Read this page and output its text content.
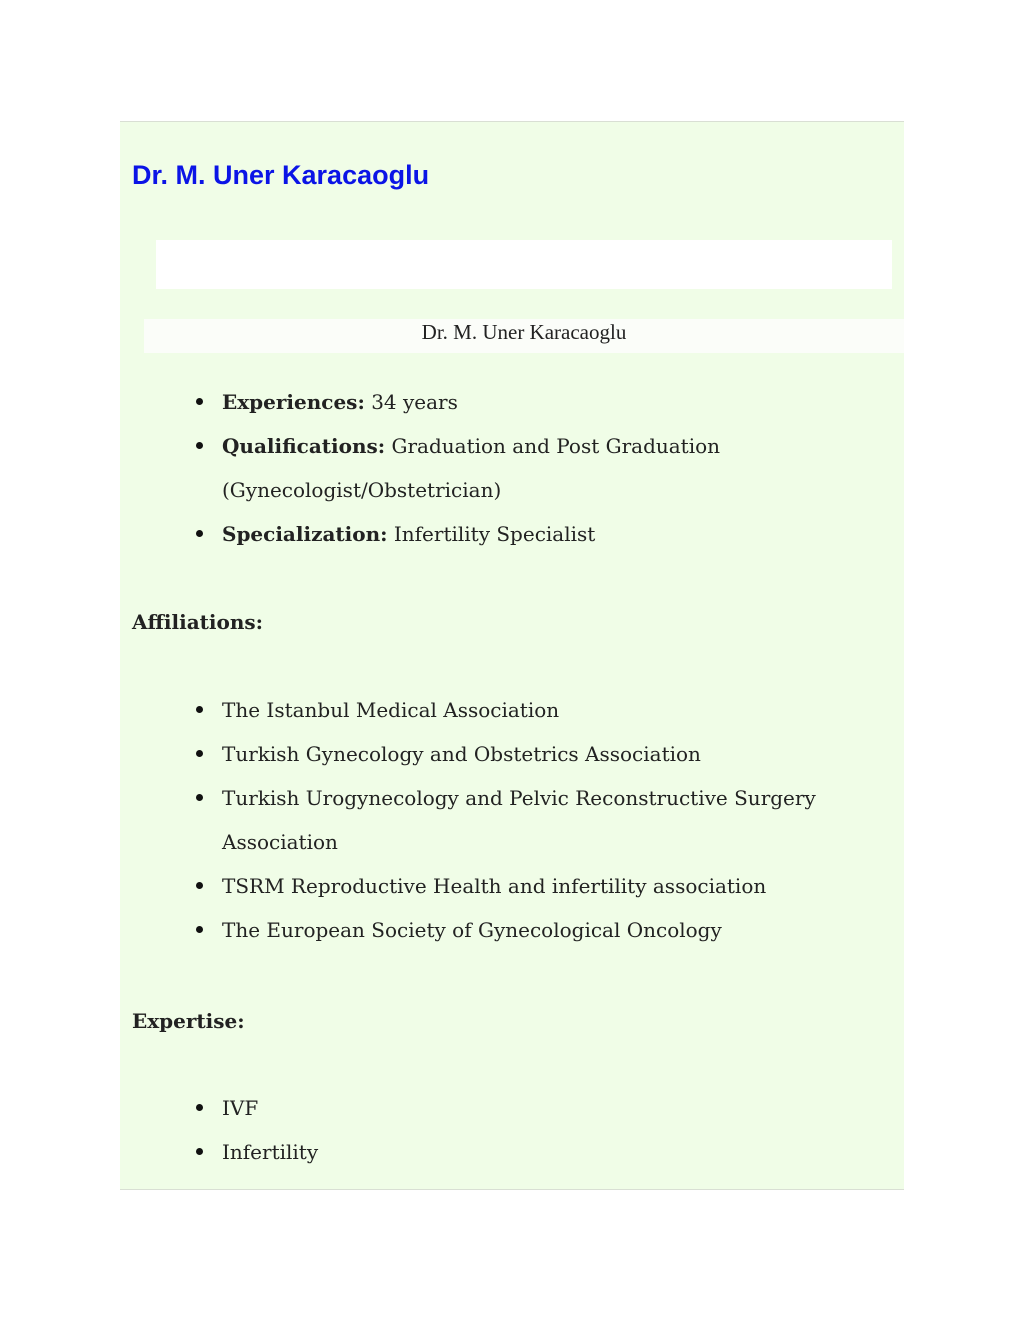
Dr. M. Uner Karacaoglu

Dr. M. Uner Karacaoglu

Experiences: 34 years
Qualifications: Graduation and Post Graduation (Gynecologist/Obstetrician)
Specialization: Infertility Specialist
Affiliations:
The Istanbul Medical Association
Turkish Gynecology and Obstetrics Association
Turkish Urogynecology and Pelvic Reconstructive Surgery Association
TSRM Reproductive Health and infertility association
The European Society of Gynecological Oncology
Expertise:
IVF
Infertility
